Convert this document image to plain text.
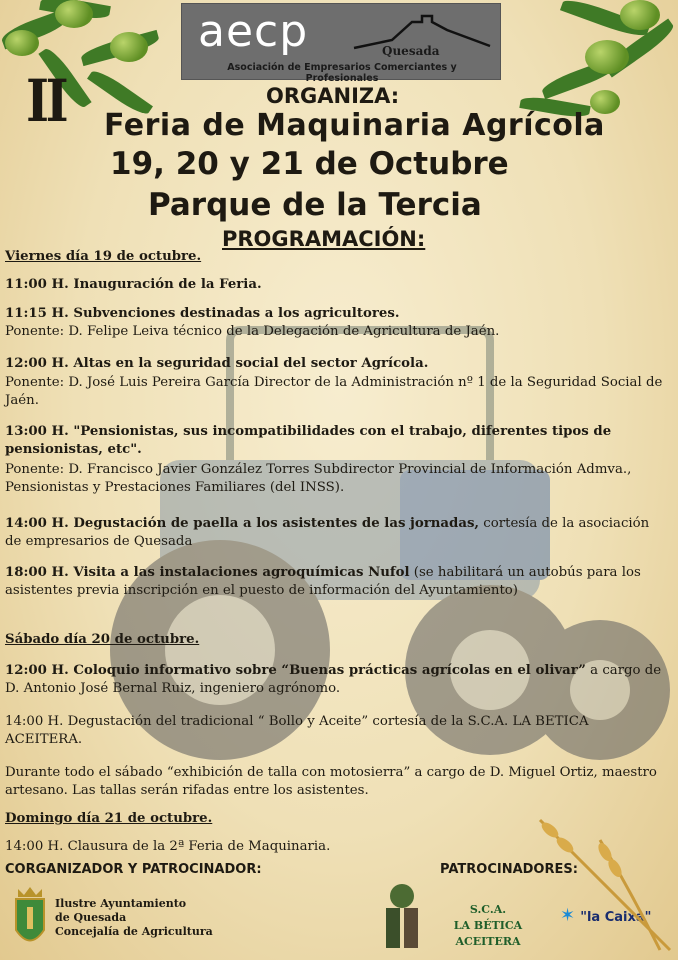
aecp	Quesada
Asociación de Empresarios Comerciantes y Profesionales
II	ORGANIZA:
Feria de Maquinaria Agrícola
19, 20 y 21 de Octubre
Parque de la Tercia
PROGRAMACIÓN:

Viernes día 19 de octubre.

11:00 H. Inauguración de la Feria.

11:15 H. Subvenciones destinadas a los agricultores.

Ponente: D. Felipe Leiva técnico de la Delegación de Agricultura de Jaén.

12:00 H. Altas en la seguridad social del sector Agrícola.

Ponente: D. José Luis Pereira García Director de la Administración nº 1 de la Seguridad Social de Jaén.

13:00 H. "Pensionistas, sus incompatibilidades con el trabajo, diferentes tipos de pensionistas, etc".

Ponente: D. Francisco Javier González Torres Subdirector Provincial de Información Admva., Pensionistas y Prestaciones Familiares (del INSS).

14:00 H. Degustación de paella a los asistentes de las jornadas, cortesía de la asociación de empresarios de Quesada

18:00 H. Visita a las instalaciones agroquímicas Nufol (se habilitará un autobús para los asistentes previa inscripción en el puesto de información del Ayuntamiento)

Sábado día 20 de octubre.

12:00 H. Coloquio informativo sobre “Buenas prácticas agrícolas en el olivar” a cargo de D. Antonio José Bernal Ruiz, ingeniero agrónomo.

14:00 H. Degustación del tradicional “ Bollo y Aceite” cortesía de la S.C.A. LA BETICA ACEITERA.

Durante todo el sábado “exhibición de talla con motosierra” a cargo de D. Miguel Ortiz, maestro artesano. Las tallas serán rifadas entre los asistentes.

Domingo día 21 de octubre.

14:00 H. Clausura de la 2ª Feria de Maquinaria.

CORGANIZADOR Y PATROCINADOR:	PATROCINADORES:
Ilustre Ayuntamiento
de Quesada
Concejalía de Agricultura
S.C.A.
LA BÉTICA ACEITERA
✶ "la Caixa"
